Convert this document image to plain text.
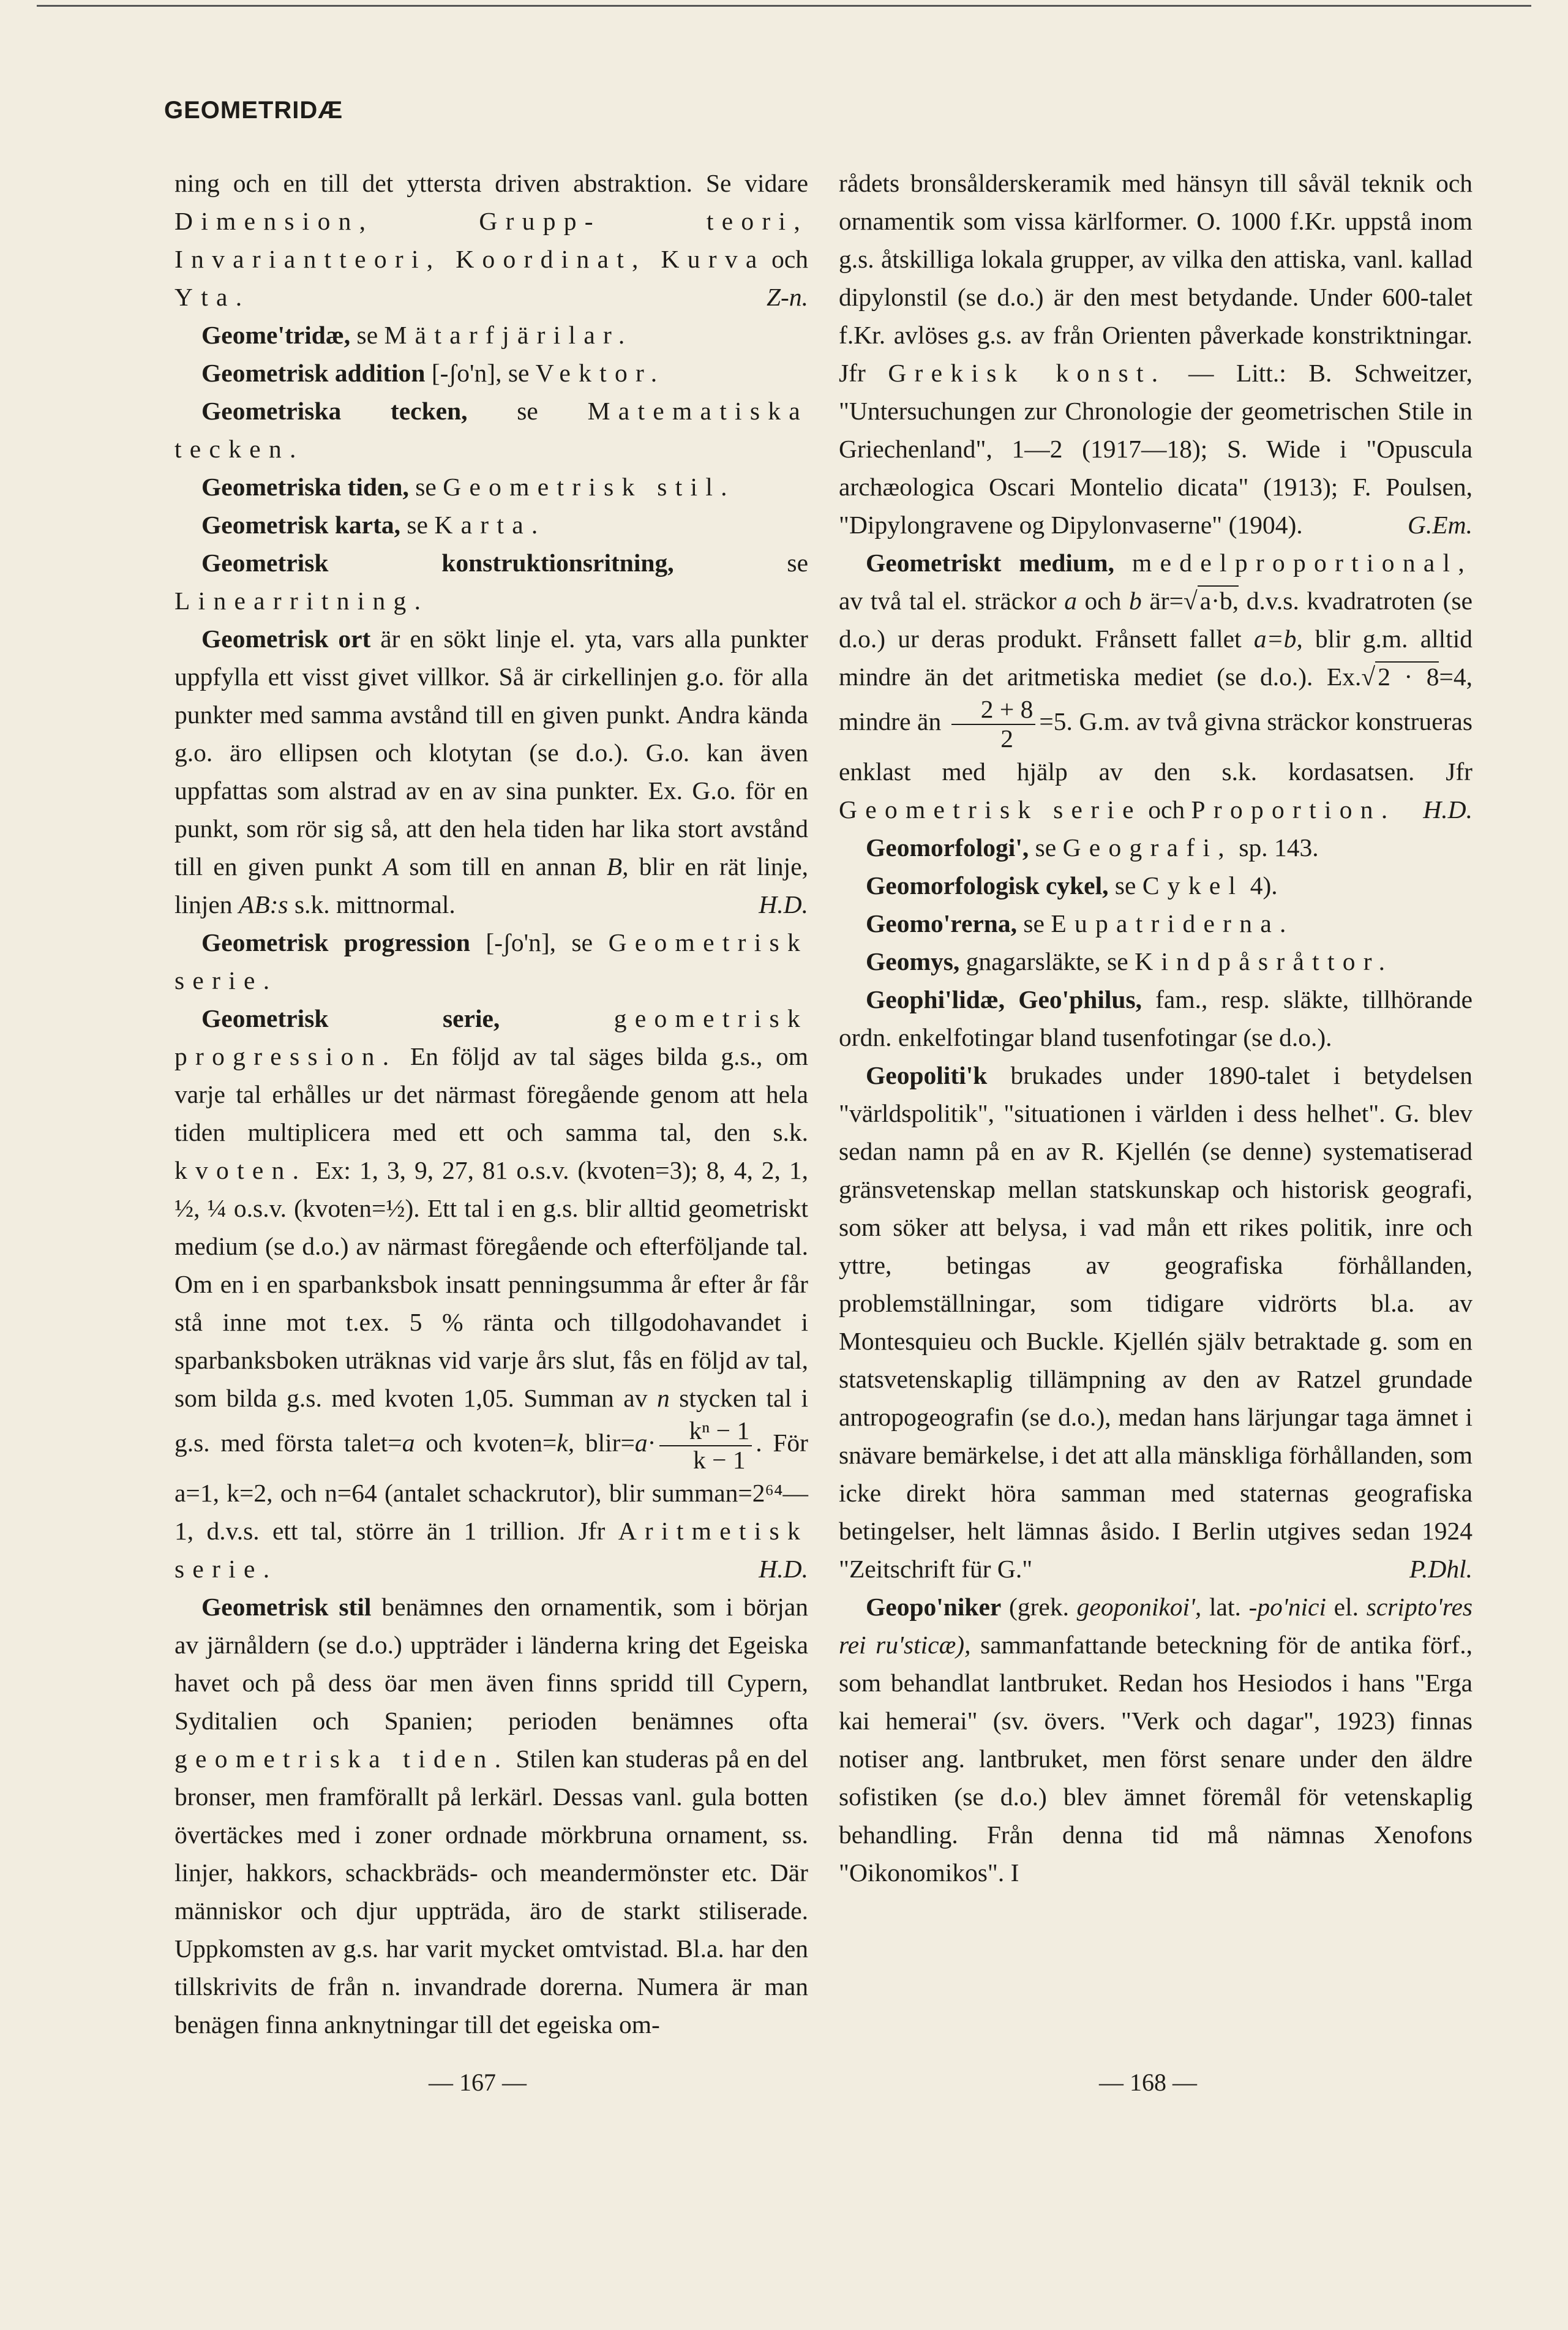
GEOMETRIDÆ

ning och en till det yttersta driven abstraktion. Se vidare Dimension, Grupp- teori, Invariantteori, Koordinat, Kurva och Yta.	Z-n.

Geome'tridæ, se Mätarfjärilar.

Geometrisk addition [-ʃo'n], se Vektor.

Geometriska tecken, se Matematiska tecken.

Geometriska tiden, se Geometrisk stil.

Geometrisk karta, se Karta.

Geometrisk konstruktionsritning,	se Linearritning.

Geometrisk ort är en sökt linje el. yta, vars alla punkter uppfylla ett visst givet villkor. Så är cirkellinjen g.o. för alla punkter med samma avstånd till en given punkt. Andra kända g.o. äro ellipsen och klotytan (se d.o.). G.o. kan även uppfattas som alstrad av en av sina punkter. Ex. G.o. för en punkt, som rör sig så, att den hela tiden har lika stort avstånd till en given punkt A som till en annan B, blir en rät linje, linjen AB:s s.k. mittnormal.	H.D.

Geometrisk progression [-ʃo'n], se Geometrisk serie.

Geometrisk serie,	geometrisk progression. En följd av tal säges bilda g.s., om varje tal erhålles ur det närmast föregående genom att hela tiden multiplicera med ett och samma tal, den s.k. kvoten. Ex: 1, 3, 9, 27, 81 o.s.v. (kvoten=3); 8, 4, 2, 1, ½, ¼ o.s.v. (kvoten=½). Ett tal i en g.s. blir alltid geometriskt medium (se d.o.) av närmast föregående och efterföljande tal. Om en i en sparbanksbok insatt penningsumma år efter år får stå inne mot t.ex. 5 % ränta och tillgodohavandet i sparbanksboken uträknas vid varje års slut, fås en följd av tal, som bilda g.s. med kvoten 1,05. Summan av n stycken tal i g.s. med första talet=a och kvoten=k, blir=a· $\frac{\text{kⁿ − 1}}{k - 1}$ . För a=1, k=2, och n=64 (antalet schackrutor), blir summan=2⁶⁴—1, d.v.s. ett tal, större än 1 trillion. Jfr Aritmetisk serie.	H.D.

Geometrisk stil benämnes den ornamentik, som i början av järnåldern (se d.o.) uppträder i länderna kring det Egeiska havet och på dess öar men även finns spridd till Cypern, Syditalien och Spanien; perioden benämnes ofta geometriska tiden. Stilen kan studeras på en del bronser, men framförallt på lerkärl. Dessas vanl. gula botten övertäckes med i zoner ordnade mörkbruna ornament, ss. linjer, hakkors, schackbräds- och meandermönster etc. Där människor och djur uppträda, äro de starkt stiliserade. Uppkomsten av g.s. har varit mycket omtvistad. Bl.a. har den tillskrivits de från n. invandrade dorerna. Numera är man benägen finna anknytningar till det egeiska om-

rådets bronsålderskeramik med hänsyn till såväl teknik och ornamentik som vissa kärlformer. O. 1000 f.Kr. uppstå inom g.s. åtskilliga lokala grupper, av vilka den attiska, vanl. kallad dipylonstil (se d.o.) är den mest betydande. Under 600-talet f.Kr. avlöses g.s. av från Orienten påverkade konstriktningar. Jfr Grekisk konst. — Litt.: B. Schweitzer, "Untersuchungen zur Chronologie der geometrischen Stile in Griechenland", 1—2 (1917—18); S. Wide i "Opuscula archæologica Oscari Montelio dicata" (1913); F. Poulsen, "Dipylongravene og Dipylonvaserne" (1904).	G.Em.

Geometriskt medium, medelproportional, av två tal el. sträckor a och b är=√a·b, d.v.s. kvadratroten (se d.o.) ur deras produkt. Frånsett fallet a=b, blir g.m. alltid mindre än det aritmetiska mediet (se d.o.). Ex.√2 · 8=4, mindre än $\frac{2 + 8}{2} =5$. G.m. av två givna sträckor konstrueras enklast med hjälp av den s.k. kordasatsen. Jfr Geometrisk serie och Proportion.	H.D.

Geomorfologi', se Geografi, sp. 143.

Geomorfologisk cykel, se Cykel 4).

Geomo'rerna, se Eupatriderna.

Geomys, gnagarsläkte, se Kindpåsråttor.

Geophi'lidæ, Geo'philus, fam., resp. släkte, tillhörande ordn. enkelfotingar bland tusenfotingar (se d.o.).

Geopoliti'k brukades under 1890-talet i betydelsen "världspolitik", "situationen i världen i dess helhet". G. blev sedan namn på en av R. Kjellén (se denne) systematiserad gränsvetenskap mellan statskunskap och historisk geografi, som söker att belysa, i vad mån ett rikes politik, inre och yttre, betingas av geografiska förhållanden, problemställningar, som tidigare vidrörts bl.a. av Montesquieu och Buckle. Kjellén själv betraktade g. som en statsvetenskaplig tillämpning av den av Ratzel grundade antropogeografin (se d.o.), medan hans lärjungar taga ämnet i snävare bemärkelse, i det att alla mänskliga förhållanden, som icke direkt höra samman med staternas geografiska betingelser, helt lämnas åsido. I Berlin utgives sedan 1924 "Zeitschrift für G."	P.Dhl.

Geopo'niker (grek. geoponikoi', lat. -po'nici el. scripto'res rei ru'sticæ), sammanfattande beteckning för de antika förf., som behandlat lantbruket. Redan hos Hesiodos i hans "Erga kai hemerai" (sv. övers. "Verk och dagar", 1923) finnas notiser ang. lantbruket, men först senare under den äldre sofistiken (se d.o.) blev ämnet föremål för vetenskaplig behandling. Från denna tid må nämnas Xenofons "Oikonomikos". I

— 167 —	— 168 —
